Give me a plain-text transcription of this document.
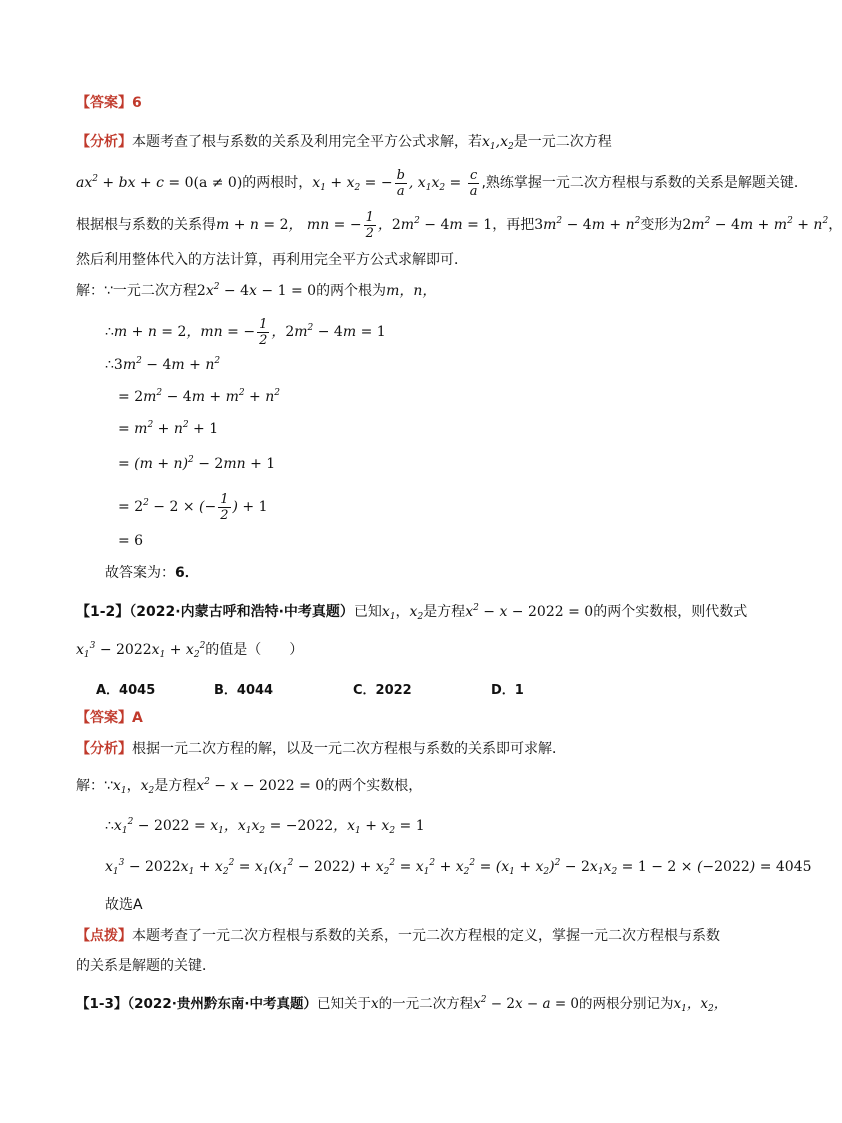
【答案】6
【分析】本题考查了根与系数的关系及利用完全平方公式求解，若$x_1,x_2$是一元二次方程
$ax^2$ + bx + c = 0(a ≠ 0)的两根时，$x_1 + x_2$ = − $\frac{b}{a}$ , $x_1x_2 = \frac{c}{a}$ ,熟练掌握一元二次方程根与系数的关系是解题关键．
根据根与系数的关系得m + n = 2， mn = − $\frac{1}{2}$ ，$2m^2 - 4m = 1$，再把$3m^2 - 4m + n^2$变形为$2m^2 - 4m + m^2 + n^2$，
然后利用整体代入的方法计算，再利用完全平方公式求解即可．
解：∵一元二次方程$2x^2 - 4x - 1 = 0$的两个根为m，n，
∴m + n = 2，mn = − $\frac{1}{2}$ ，$2m^2 - 4m = 1$
$\therefore 3m^2 - 4m + n^2$
= $2m^2 - 4m + m^2 + n^2$
= $m^2 + n^2 + 1$
= $(m + n)^2 - 2mn + 1$
= $2^2 - 2$ × (− $\frac{1}{2}$ ) + 1
= 6
故答案为：6．
【1-2】（2022·内蒙古呼和浩特·中考真题）已知$x_1$，$x_2$是方程$x^2 - x - 2022 = 0$的两个实数根，则代数式
$x_1^3 - 2022x_1 + x_2^2$的值是（　　）
A．4045	B．4044	C．2022	D．1
【答案】A
【分析】根据一元二次方程的解，以及一元二次方程根与系数的关系即可求解．
解：$\because x_1$，$x_2$是方程$x^2 - x - 2022 = 0$的两个实数根，
$\therefore x_1^2 - 2022 = x_1$，$x_1x_2 = -2022$，$x_1 + x_2 = 1$
$x_1^3 - 2022x_1 + x_2^2 = x_1(x_1^2 - 2022) + x_2^2 = x_1^2 + x_2^2 = (x_1 + x_2)^2 - 2x_1x_2 = 1 - 2 \times (-2022) = 4045$
故选A
【点拨】本题考查了一元二次方程根与系数的关系，一元二次方程根的定义，掌握一元二次方程根与系数
的关系是解题的关键．
【1-3】（2022·贵州黔东南·中考真题）已知关于x的一元二次方程$x^2 - 2x - a = 0$的两根分别记为$x_1$，$x_2$，
